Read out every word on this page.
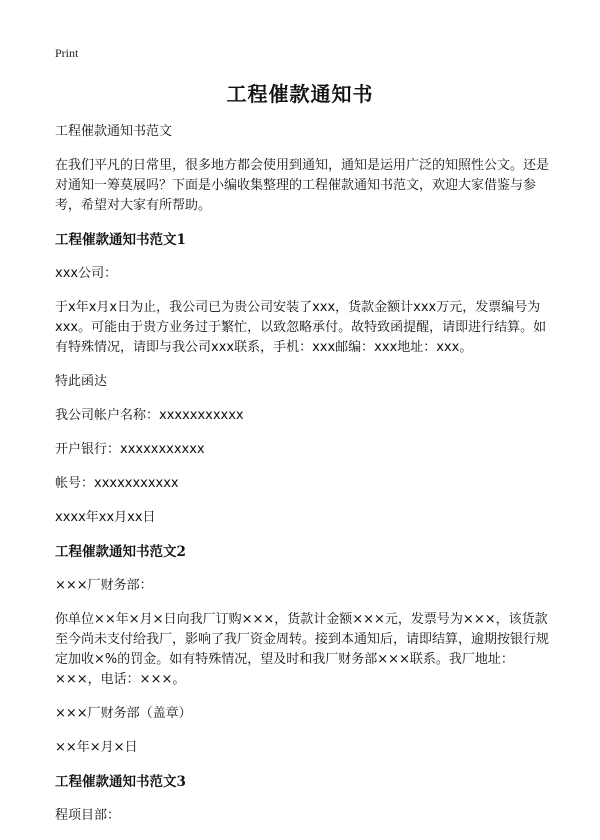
Print
工程催款通知书

工程催款通知书范文

在我们平凡的日常里，很多地方都会使用到通知，通知是运用广泛的知照性公文。还是对通知一筹莫展吗？下面是小编收集整理的工程催款通知书范文，欢迎大家借鉴与参考，希望对大家有所帮助。

工程催款通知书范文1

xxx公司：

于x年x月x日为止，我公司已为贵公司安装了xxx，货款金额计xxx万元，发票编号为xxx。可能由于贵方业务过于繁忙，以致忽略承付。故特致函提醒，请即进行结算。如有特殊情况，请即与我公司xxx联系，手机：xxx邮编：xxx地址：xxx。

特此函达

我公司帐户名称：xxxxxxxxxxx

开户银行：xxxxxxxxxxx

帐号：xxxxxxxxxxx

xxxx年xx月xx日

工程催款通知书范文2

×××厂财务部：

你单位××年×月×日向我厂订购×××，货款计金额×××元，发票号为×××，该货款至今尚未支付给我厂，影响了我厂资金周转。接到本通知后，请即结算，逾期按银行规定加收×%的罚金。如有特殊情况，望及时和我厂财务部×××联系。我厂地址：×××，电话：×××。

×××厂财务部（盖章）

××年×月×日

工程催款通知书范文3

程项目部：
